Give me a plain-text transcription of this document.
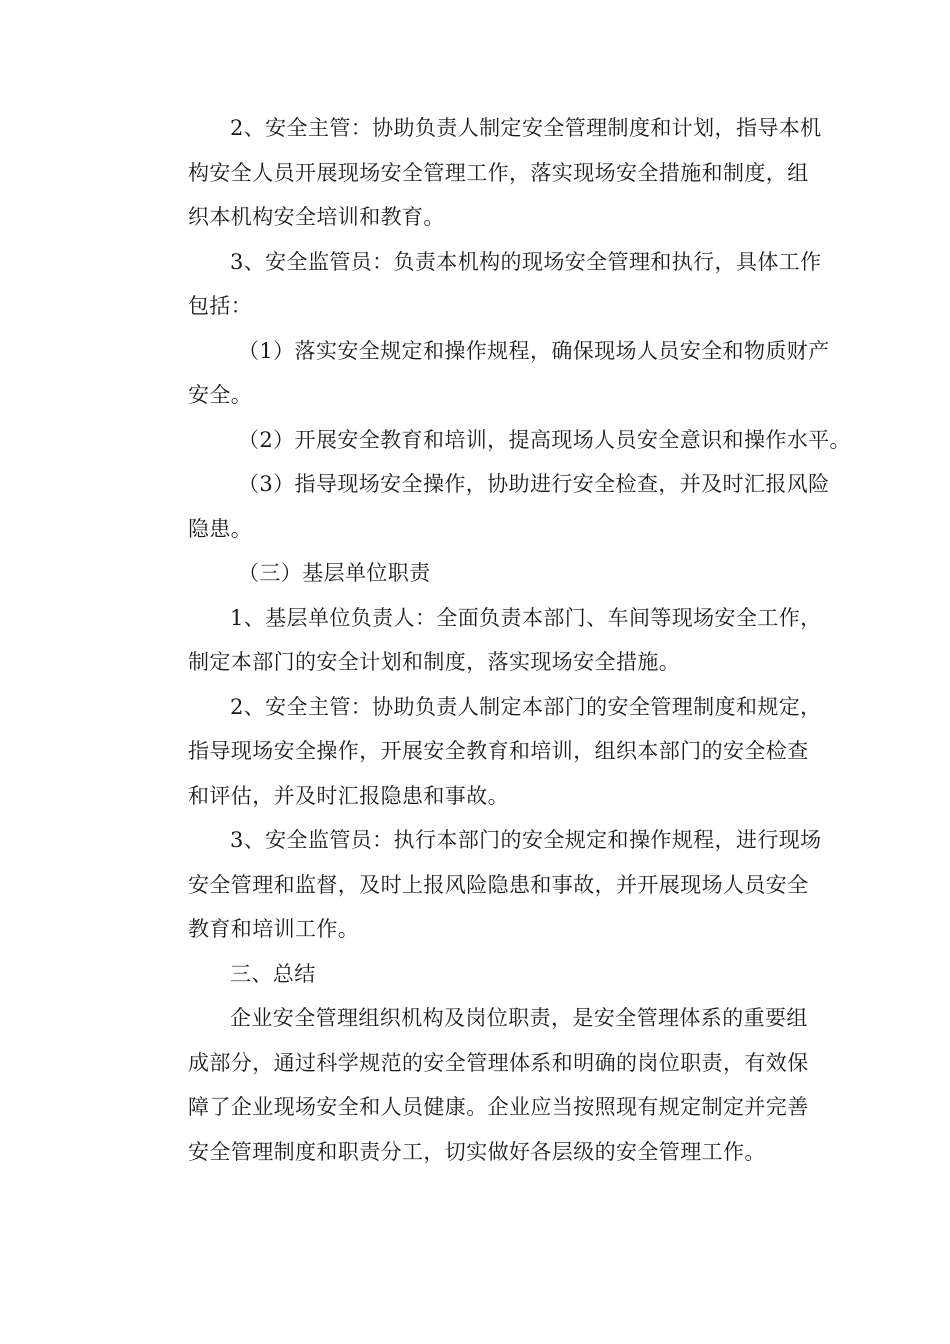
2、安全主管：协助负责人制定安全管理制度和计划，指导本机
构安全人员开展现场安全管理工作，落实现场安全措施和制度，组
织本机构安全培训和教育。
3、安全监管员：负责本机构的现场安全管理和执行，具体工作
包括：
（1）落实安全规定和操作规程，确保现场人员安全和物质财产
安全。
（2）开展安全教育和培训，提高现场人员安全意识和操作水平。
（3）指导现场安全操作，协助进行安全检查，并及时汇报风险
隐患。
（三）基层单位职责
1、基层单位负责人：全面负责本部门、车间等现场安全工作，
制定本部门的安全计划和制度，落实现场安全措施。
2、安全主管：协助负责人制定本部门的安全管理制度和规定，
指导现场安全操作，开展安全教育和培训，组织本部门的安全检查
和评估，并及时汇报隐患和事故。
3、安全监管员：执行本部门的安全规定和操作规程，进行现场
安全管理和监督，及时上报风险隐患和事故，并开展现场人员安全
教育和培训工作。
三、总结
企业安全管理组织机构及岗位职责，是安全管理体系的重要组
成部分，通过科学规范的安全管理体系和明确的岗位职责，有效保
障了企业现场安全和人员健康。企业应当按照现有规定制定并完善
安全管理制度和职责分工，切实做好各层级的安全管理工作。
